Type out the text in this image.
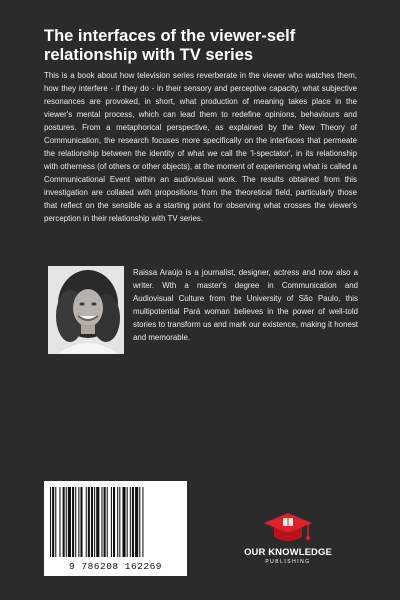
The interfaces of the viewer-self relationship with TV series

This is a book about how television series reverberate in the viewer who watches them, how they interfere - if they do - in their sensory and perceptive capacity, what subjective resonances are provoked, in short, what production of meaning takes place in the viewer's mental process, which can lead them to redefine opinions, behaviours and postures. From a metaphorical perspective, as explained by the New Theory of Communication, the research focuses more specifically on the interfaces that permeate the relationship between the identity of what we call the 'I-spectator', in its relationship with otherness (of others or other objects), at the moment of experiencing what is called a Communicational Event within an audiovisual work. The results obtained from this investigation are collated with propositions from the theoretical field, particularly those that reflect on the sensible as a starting point for observing what crosses the viewer's perception in their relationship with TV series.

Raissa Araújo is a journalist, designer, actress and now also a writer. Wth a master's degree in Communication and Audiovisual Culture from the University of São Paulo, this multipotential Pará woman believes in the power of well-told stories to transform us and mark our existence, making it honest and memorable.

9 786208 162269
OUR KNOWLEDGE
PUBLISHING
